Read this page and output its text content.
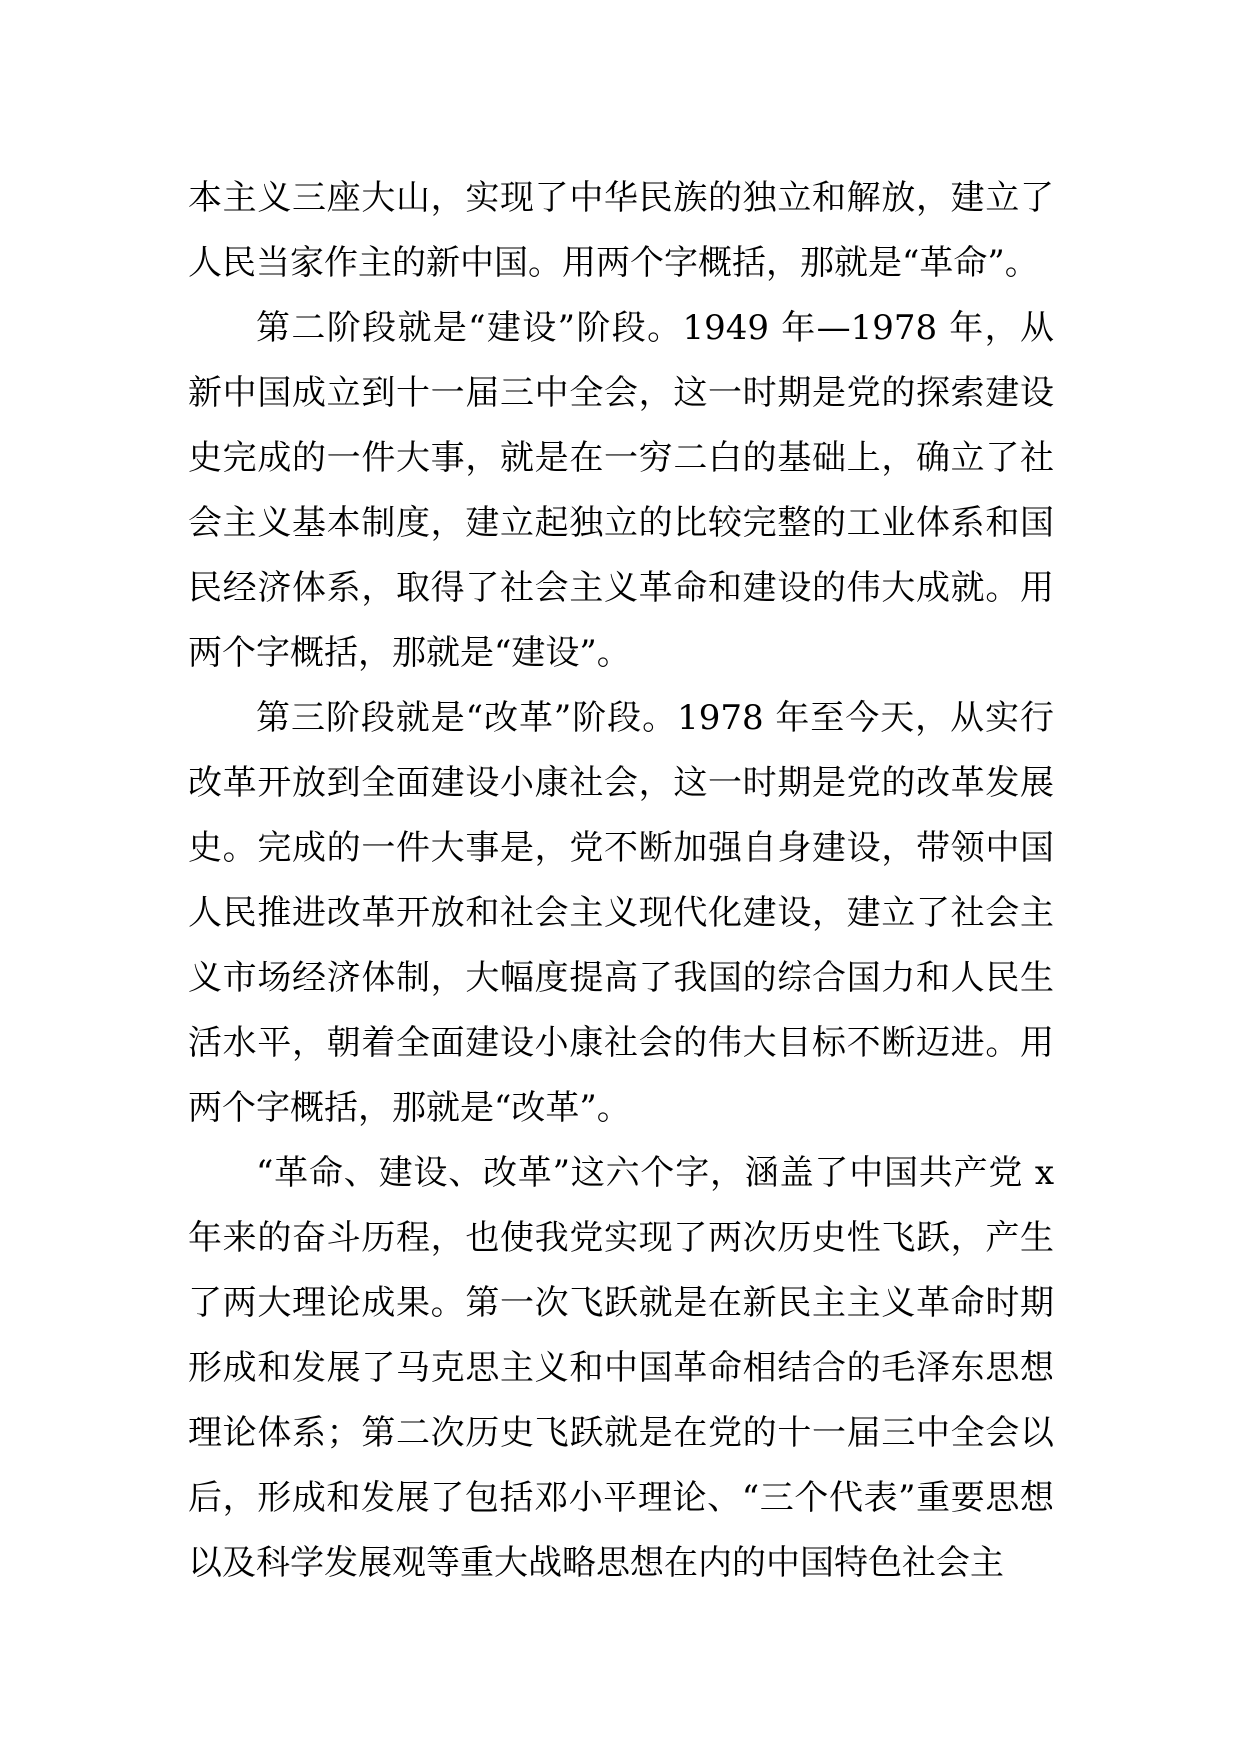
本主义三座大山，实现了中华民族的独立和解放，建立了人民当家作主的新中国。用两个字概括，那就是“革命”。

第二阶段就是“建设”阶段。1949 年—1978 年，从新中国成立到十一届三中全会，这一时期是党的探索建设史完成的一件大事，就是在一穷二白的基础上，确立了社会主义基本制度，建立起独立的比较完整的工业体系和国民经济体系，取得了社会主义革命和建设的伟大成就。用两个字概括，那就是“建设”。

第三阶段就是“改革”阶段。1978 年至今天，从实行改革开放到全面建设小康社会，这一时期是党的改革发展史。完成的一件大事是，党不断加强自身建设，带领中国人民推进改革开放和社会主义现代化建设，建立了社会主义市场经济体制，大幅度提高了我国的综合国力和人民生活水平，朝着全面建设小康社会的伟大目标不断迈进。用两个字概括，那就是“改革”。

“革命、建设、改革”这六个字，涵盖了中国共产党 x 年来的奋斗历程，也使我党实现了两次历史性飞跃，产生了两大理论成果。第一次飞跃就是在新民主主义革命时期形成和发展了马克思主义和中国革命相结合的毛泽东思想理论体系；第二次历史飞跃就是在党的十一届三中全会以后，形成和发展了包括邓小平理论、“三个代表”重要思想以及科学发展观等重大战略思想在内的中国特色社会主
